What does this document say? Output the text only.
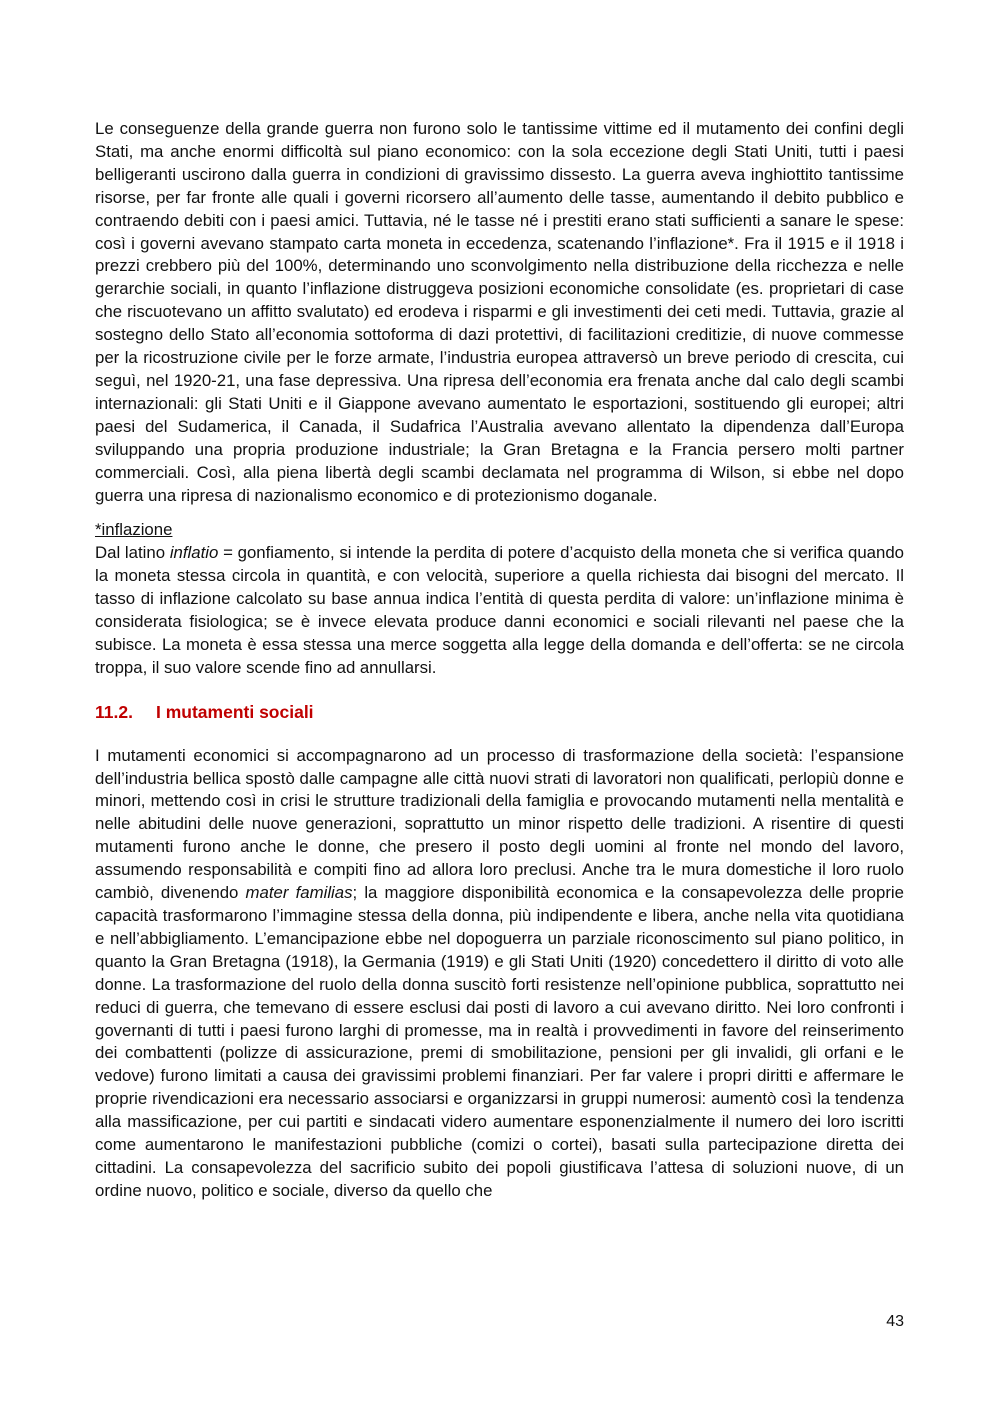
Le conseguenze della grande guerra non furono solo le tantissime vittime ed il mutamento dei confini degli Stati, ma anche enormi difficoltà sul piano economico: con la sola eccezione degli Stati Uniti, tutti i paesi belligeranti uscirono dalla guerra in condizioni di gravissimo dissesto. La guerra aveva inghiottito tantissime risorse, per far fronte alle quali i governi ricorsero all’aumento delle tasse, aumentando il debito pubblico e contraendo debiti con i paesi amici. Tuttavia, né le tasse né i prestiti erano stati sufficienti a sanare le spese: così i governi avevano stampato carta moneta in eccedenza, scatenando l’inflazione*. Fra il 1915 e il 1918 i prezzi crebbero più del 100%, determinando uno sconvolgimento nella distribuzione della ricchezza e nelle gerarchie sociali, in quanto l’inflazione distruggeva posizioni economiche consolidate (es. proprietari di case che riscuotevano un affitto svalutato) ed erodeva i risparmi e gli investimenti dei ceti medi. Tuttavia, grazie al sostegno dello Stato all’economia sottoforma di dazi protettivi, di facilitazioni creditizie, di nuove commesse per la ricostruzione civile per le forze armate, l’industria europea attraversò un breve periodo di crescita, cui seguì, nel 1920-21, una fase depressiva. Una ripresa dell’economia era frenata anche dal calo degli scambi internazionali: gli Stati Uniti e il Giappone avevano aumentato le esportazioni, sostituendo gli europei; altri paesi del Sudamerica, il Canada, il Sudafrica l’Australia avevano allentato la dipendenza dall’Europa sviluppando una propria produzione industriale; la Gran Bretagna e la Francia persero molti partner commerciali. Così, alla piena libertà degli scambi declamata nel programma di Wilson, si ebbe nel dopo guerra una ripresa di nazionalismo economico e di protezionismo doganale.

*inflazione

Dal latino inflatio = gonfiamento, si intende la perdita di potere d’acquisto della moneta che si verifica quando la moneta stessa circola in quantità, e con velocità, superiore a quella richiesta dai bisogni del mercato. Il tasso di inflazione calcolato su base annua indica l’entità di questa perdita di valore: un’inflazione minima è considerata fisiologica; se è invece elevata produce danni economici e sociali rilevanti nel paese che la subisce. La moneta è essa stessa una merce soggetta alla legge della domanda e dell’offerta: se ne circola troppa, il suo valore scende fino ad annullarsi.

11.2. I mutamenti sociali

I mutamenti economici si accompagnarono ad un processo di trasformazione della società: l’espansione dell’industria bellica spostò dalle campagne alle città nuovi strati di lavoratori non qualificati, perlopiù donne e minori, mettendo così in crisi le strutture tradizionali della famiglia e provocando mutamenti nella mentalità e nelle abitudini delle nuove generazioni, soprattutto un minor rispetto delle tradizioni. A risentire di questi mutamenti furono anche le donne, che presero il posto degli uomini al fronte nel mondo del lavoro, assumendo responsabilità e compiti fino ad allora loro preclusi. Anche tra le mura domestiche il loro ruolo cambiò, divenendo mater familias; la maggiore disponibilità economica e la consapevolezza delle proprie capacità trasformarono l’immagine stessa della donna, più indipendente e libera, anche nella vita quotidiana e nell’abbigliamento. L’emancipazione ebbe nel dopoguerra un parziale riconoscimento sul piano politico, in quanto la Gran Bretagna (1918), la Germania (1919) e gli Stati Uniti (1920) concedettero il diritto di voto alle donne. La trasformazione del ruolo della donna suscitò forti resistenze nell’opinione pubblica, soprattutto nei reduci di guerra, che temevano di essere esclusi dai posti di lavoro a cui avevano diritto. Nei loro confronti i governanti di tutti i paesi furono larghi di promesse, ma in realtà i provvedimenti in favore del reinserimento dei combattenti (polizze di assicurazione, premi di smobilitazione, pensioni per gli invalidi, gli orfani e le vedove) furono limitati a causa dei gravissimi problemi finanziari. Per far valere i propri diritti e affermare le proprie rivendicazioni era necessario associarsi e organizzarsi in gruppi numerosi: aumentò così la tendenza alla massificazione, per cui partiti e sindacati videro aumentare esponenzialmente il numero dei loro iscritti come aumentarono le manifestazioni pubbliche (comizi o cortei), basati sulla partecipazione diretta dei cittadini. La consapevolezza del sacrificio subito dei popoli giustificava l’attesa di soluzioni nuove, di un ordine nuovo, politico e sociale, diverso da quello che

43
